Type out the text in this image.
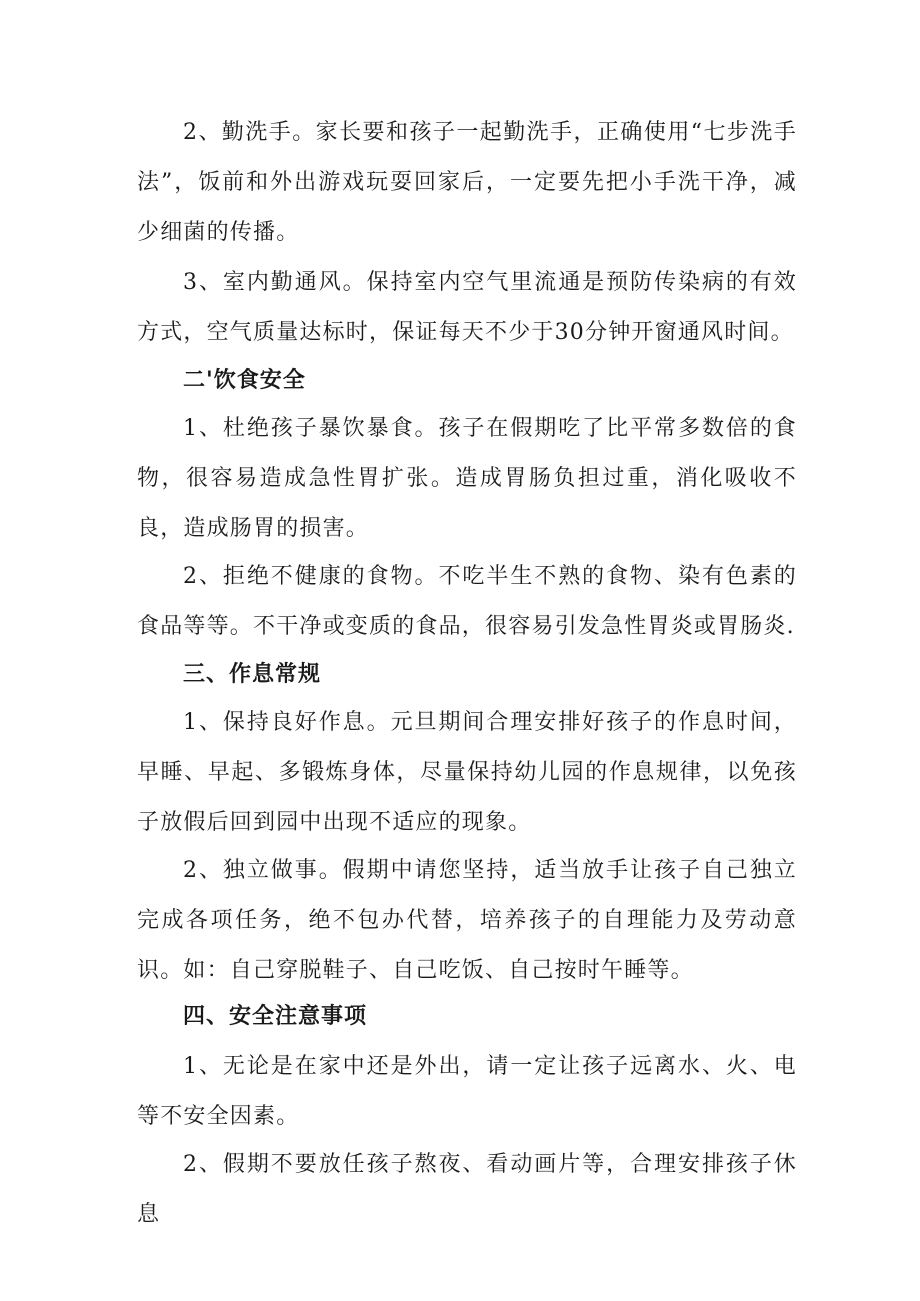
2、勤洗手。家长要和孩子一起勤洗手，正确使用“七步洗手法”，饭前和外出游戏玩耍回家后，一定要先把小手洗干净，减少细菌的传播。

3、室内勤通风。保持室内空气里流通是预防传染病的有效方式，空气质量达标时，保证每天不少于30分钟开窗通风时间。

二'饮食安全

1、杜绝孩子暴饮暴食。孩子在假期吃了比平常多数倍的食物，很容易造成急性胃扩张。造成胃肠负担过重，消化吸收不良，造成肠胃的损害。

2、拒绝不健康的食物。不吃半生不熟的食物、染有色素的食品等等。不干净或变质的食品，很容易引发急性胃炎或胃肠炎.

三、作息常规

1、保持良好作息。元旦期间合理安排好孩子的作息时间，早睡、早起、多锻炼身体，尽量保持幼儿园的作息规律，以免孩子放假后回到园中出现不适应的现象。

2、独立做事。假期中请您坚持，适当放手让孩子自己独立完成各项任务，绝不包办代替，培养孩子的自理能力及劳动意识。如：自己穿脱鞋子、自己吃饭、自己按时午睡等。

四、安全注意事项

1、无论是在家中还是外出，请一定让孩子远离水、火、电等不安全因素。

2、假期不要放任孩子熬夜、看动画片等，合理安排孩子休息
